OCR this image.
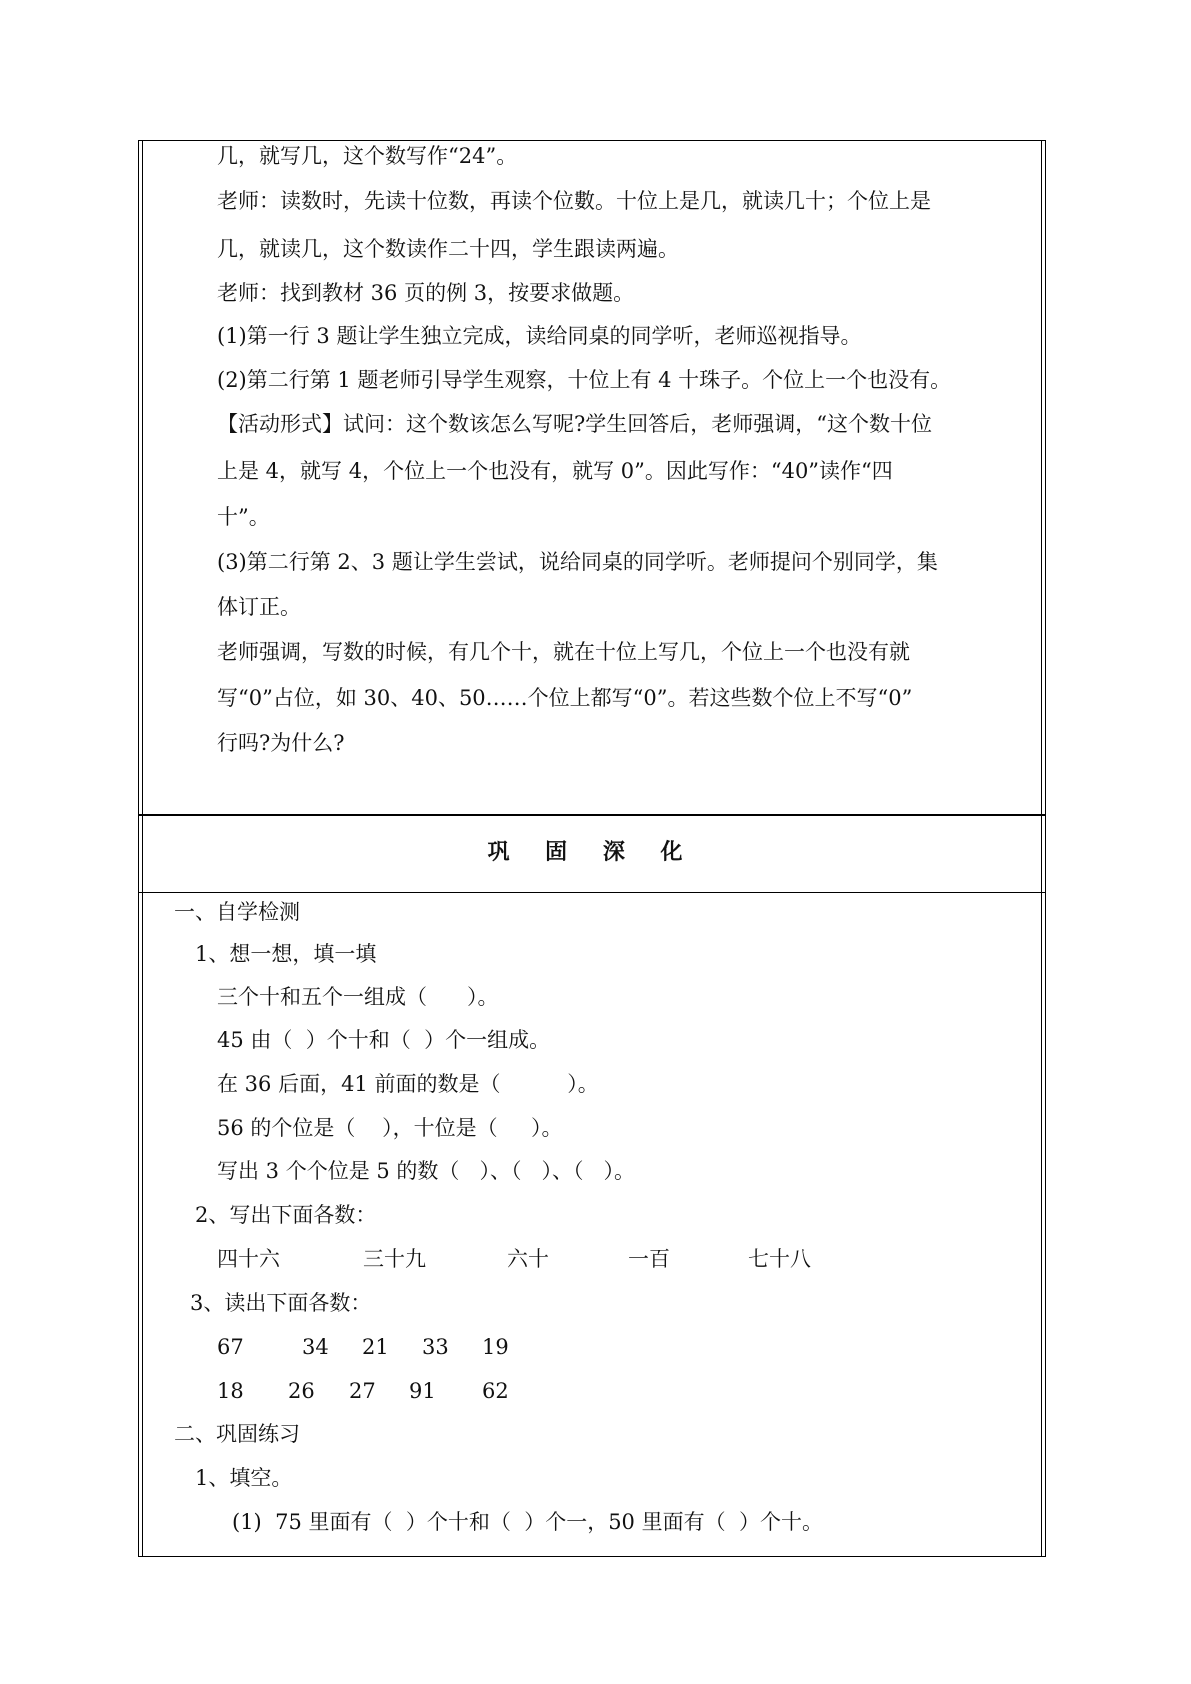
几，就写几，这个数写作“24”。
老师：读数时，先读十位数，再读个位數。十位上是几，就读几十；个位上是
几，就读几，这个数读作二十四，学生跟读两遍。
老师：找到教材 36 页的例 3，按要求做题。
(1)第一行 3 题让学生独立完成，读给同桌的同学听，老师巡视指导。
(2)第二行第 1 题老师引导学生观察，十位上有 4 十珠子。个位上一个也没有。
【活动形式】试问：这个数该怎么写呢?学生回答后，老师强调，“这个数十位
上是 4，就写 4，个位上一个也没有，就写 0”。因此写作：“40”读作“四
十”。
(3)第二行第 2、3 题让学生尝试，说给同桌的同学听。老师提问个别同学，集
体订正。
老师强调，写数的时候，有几个十，就在十位上写几，个位上一个也没有就
写“0”占位，如 30、40、50……个位上都写“0”。若这些数个位上不写“0”
行吗?为什么?
巩 固 深 化
一、自学检测
1、想一想，填一填
三个十和五个一组成（      ）。
45 由（  ）个十和（  ）个一组成。
在 36 后面，41 前面的数是（          ）。
56 的个位是（    ），十位是（     ）。
写出 3 个个位是 5 的数（   ）、（   ）、（   ）。
2、写出下面各数：
四十六	三十九	六十	一百	七十八
3、读出下面各数：
67	34 21 33 19
18 26 27 91 62
二、巩固练习
1、填空。
(1)  75 里面有（  ）个十和（  ）个一，50 里面有（  ）个十。
